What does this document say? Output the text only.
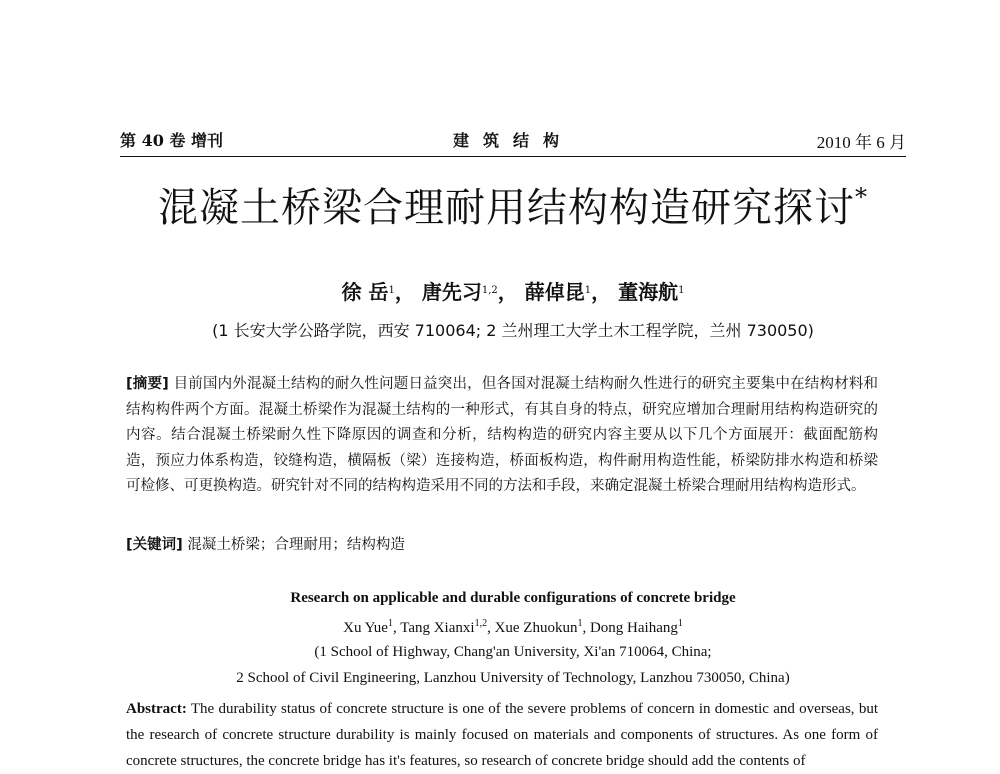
第 40 卷 增刊	建筑结构	2010 年 6 月
混凝土桥梁合理耐用结构构造研究探讨*
徐 岳$^1$， 唐先习$^{1,2}$， 薛倬昆$^1$， 董海航$^1$
(1 长安大学公路学院，西安 710064; 2 兰州理工大学土木工程学院，兰州 730050)
[摘要] 目前国内外混凝土结构的耐久性问题日益突出，但各国对混凝土结构耐久性进行的研究主要集中在结构材料和结构构件两个方面。混凝土桥梁作为混凝土结构的一种形式，有其自身的特点，研究应增加合理耐用结构构造研究的内容。结合混凝土桥梁耐久性下降原因的调查和分析，结构构造的研究内容主要从以下几个方面展开：截面配筋构造，预应力体系构造，铰缝构造，横隔板（梁）连接构造，桥面板构造，构件耐用构造性能，桥梁防排水构造和桥梁可检修、可更换构造。研究针对不同的结构构造采用不同的方法和手段，来确定混凝土桥梁合理耐用结构构造形式。
[关键词] 混凝土桥梁；合理耐用；结构构造
Research on applicable and durable configurations of concrete bridge
Xu Yue$^1$, Tang Xianxi$^{1,2}$, Xue Zhuokun$^1$, Dong Haihang$^1$
(1 School of Highway, Chang'an University, Xi'an 710064, China;
2 School of Civil Engineering, Lanzhou University of Technology, Lanzhou 730050, China)
Abstract: The durability status of concrete structure is one of the severe problems of concern in domestic and overseas, but the research of concrete structure durability is mainly focused on materials and components of structures. As one form of concrete structures, the concrete bridge has it's features, so research of concrete bridge should add the contents of
